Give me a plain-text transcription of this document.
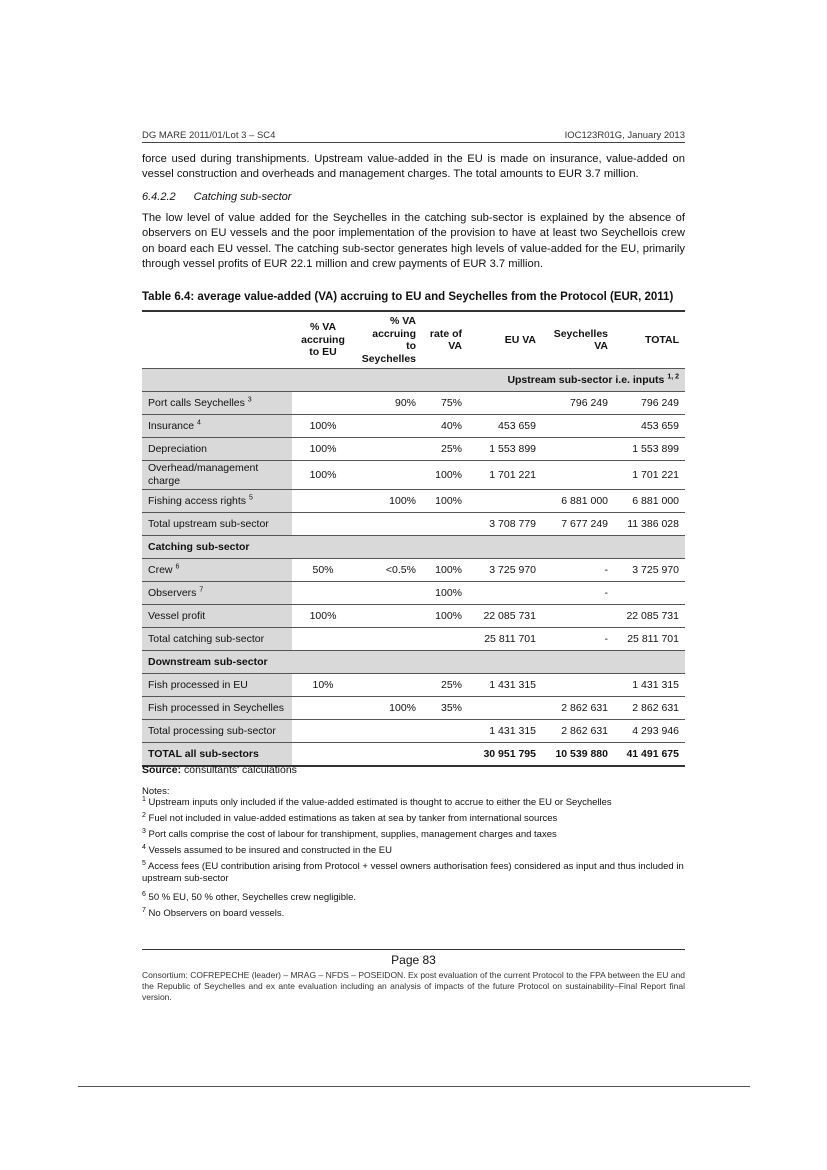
DG MARE 2011/01/Lot 3 – SC4	IOC123R01G, January 2013
force used during transhipments. Upstream value-added in the EU is made on insurance, value-added on vessel construction and overheads and management charges. The total amounts to EUR 3.7 million.
6.4.2.2 Catching sub-sector
The low level of value added for the Seychelles in the catching sub-sector is explained by the absence of observers on EU vessels and the poor implementation of the provision to have at least two Seychellois crew on board each EU vessel. The catching sub-sector generates high levels of value-added for the EU, primarily through vessel profits of EUR 22.1 million and crew payments of EUR 3.7 million.
Table 6.4: average value-added (VA) accruing to EU and Seychelles from the Protocol (EUR, 2011)
	% VA accruing to EU	% VA accruing to Seychelles	rate of VA	EU VA	Seychelles VA	TOTAL
Upstream sub-sector i.e. inputs $^{1, 2}$
Port calls Seychelles $^3$		90%	75%		796 249	796 249
Insurance $^4$	100%		40%	453 659		453 659
Depreciation	100%		25%	1 553 899		1 553 899
Overhead/management charge	100%		100%	1 701 221		1 701 221
Fishing access rights $^5$		100%	100%		6 881 000	6 881 000
Total upstream sub-sector				3 708 779	7 677 249	11 386 028
Catching sub-sector						
Crew $^6$	50%	<0.5%	100%	3 725 970	-	3 725 970
Observers $^7$			100%		-	
Vessel profit	100%		100%	22 085 731		22 085 731
Total catching sub-sector				25 811 701	-	25 811 701
Downstream sub-sector						
Fish processed in EU	10%		25%	1 431 315		1 431 315
Fish processed in Seychelles		100%	35%		2 862 631	2 862 631
Total processing sub-sector				1 431 315	2 862 631	4 293 946
TOTAL all sub-sectors				30 951 795	10 539 880	41 491 675
Source: consultants' calculations
Notes:
$^1$ Upstream inputs only included if the value-added estimated is thought to accrue to either the EU or Seychelles
$^2$ Fuel not included in value-added estimations as taken at sea by tanker from international sources
$^3$ Port calls comprise the cost of labour for transhipment, supplies, management charges and taxes
$^4$ Vessels assumed to be insured and constructed in the EU
$^5$ Access fees (EU contribution arising from Protocol + vessel owners authorisation fees) considered as input and thus included in upstream sub-sector
$^6$ 50 % EU, 50 % other, Seychelles crew negligible.
$^7$ No Observers on board vessels.
Page 83
Consortium: COFREPECHE (leader) – MRAG – NFDS – POSEIDON. Ex post evaluation of the current Protocol to the FPA between the EU and the Republic of Seychelles and ex ante evaluation including an analysis of impacts of the future Protocol on sustainability–Final Report final version.
